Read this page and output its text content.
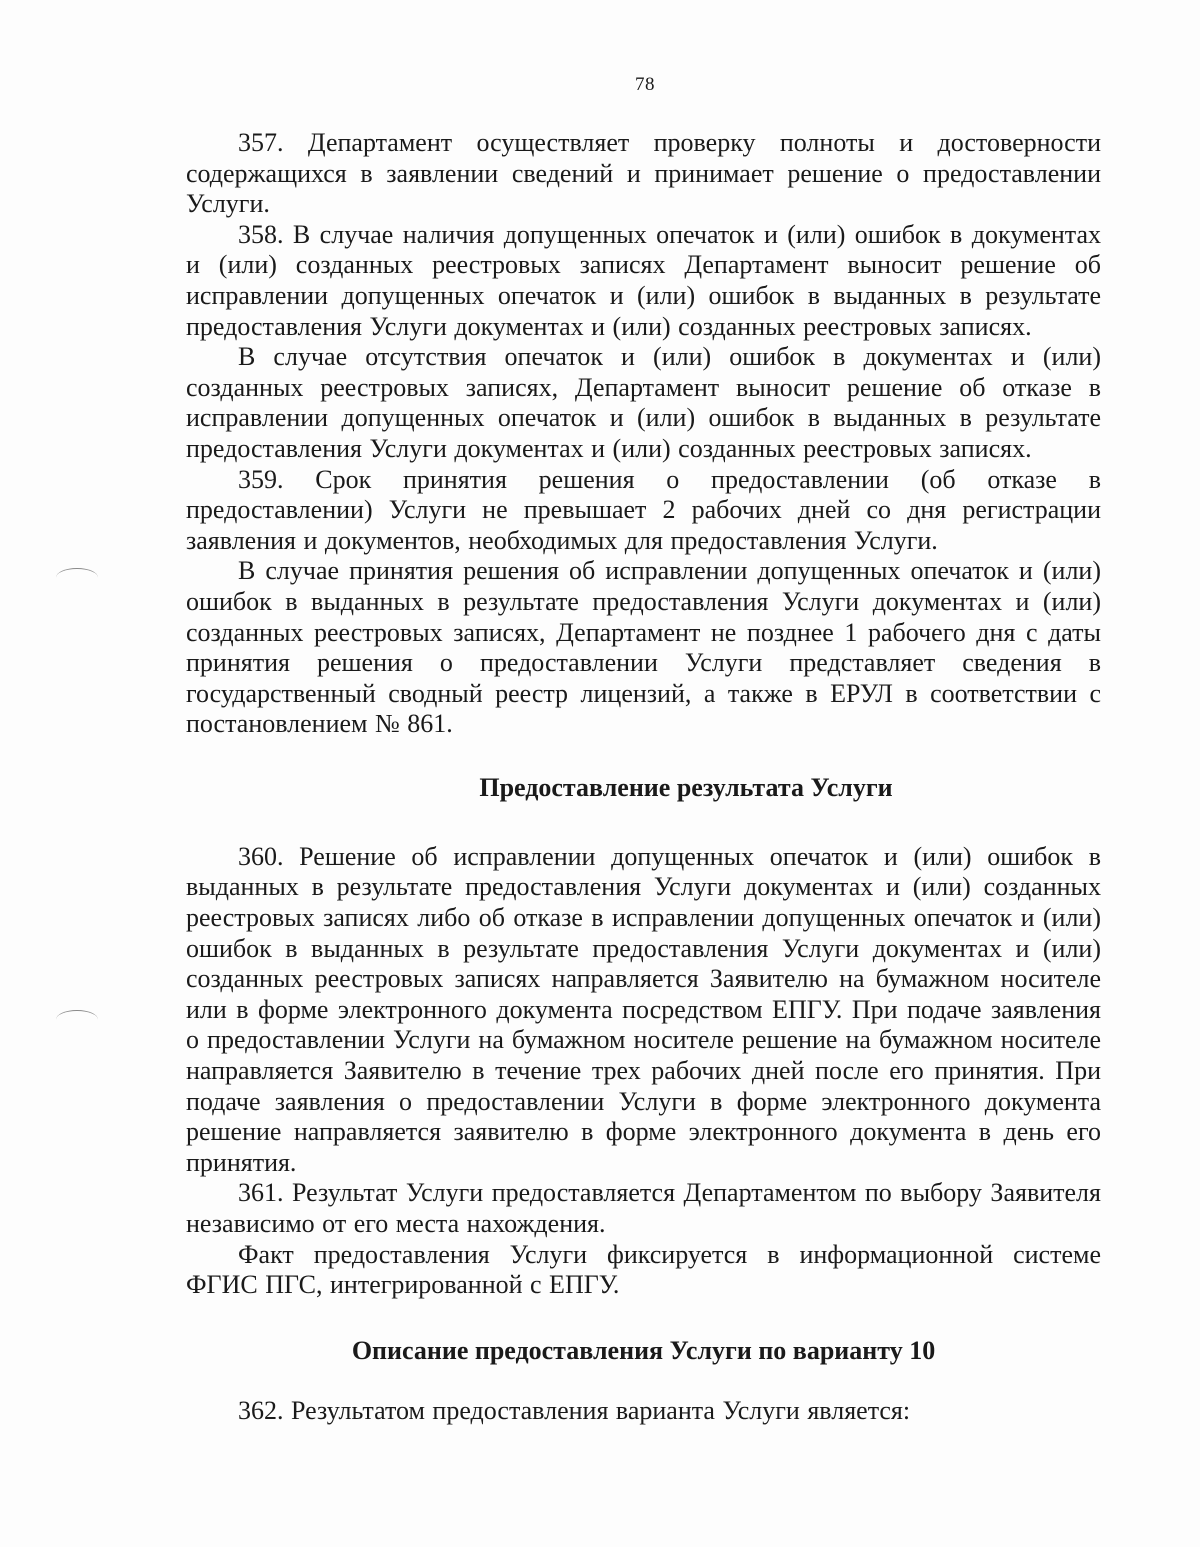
78

357. Департамент осуществляет проверку полноты и достоверности содержащихся в заявлении сведений и принимает решение о предоставлении Услуги.

358. В случае наличия допущенных опечаток и (или) ошибок в документах и (или) созданных реестровых записях Департамент выносит решение об исправлении допущенных опечаток и (или) ошибок в выданных в результате предоставления Услуги документах и (или) созданных реестровых записях.

В случае отсутствия опечаток и (или) ошибок в документах и (или) созданных реестровых записях, Департамент выносит решение об отказе в исправлении допущенных опечаток и (или) ошибок в выданных в результате предоставления Услуги документах и (или) созданных реестровых записях.

359. Срок принятия решения о предоставлении (об отказе в предоставлении) Услуги не превышает 2 рабочих дней со дня регистрации заявления и документов, необходимых для предоставления Услуги.

В случае принятия решения об исправлении допущенных опечаток и (или) ошибок в выданных в результате предоставления Услуги документах и (или) созданных реестровых записях, Департамент не позднее 1 рабочего дня с даты принятия решения о предоставлении Услуги представляет сведения в государственный сводный реестр лицензий, а также в ЕРУЛ в соответствии с постановлением № 861.

Предоставление результата Услуги

360. Решение об исправлении допущенных опечаток и (или) ошибок в выданных в результате предоставления Услуги документах и (или) созданных реестровых записях либо об отказе в исправлении допущенных опечаток и (или) ошибок в выданных в результате предоставления Услуги документах и (или) созданных реестровых записях направляется Заявителю на бумажном носителе или в форме электронного документа посредством ЕПГУ. При подаче заявления о предоставлении Услуги на бумажном носителе решение на бумажном носителе направляется Заявителю в течение трех рабочих дней после его принятия. При подаче заявления о предоставлении Услуги в форме электронного документа решение направляется заявителю в форме электронного документа в день его принятия.

361. Результат Услуги предоставляется Департаментом по выбору Заявителя независимо от его места нахождения.

Факт предоставления Услуги фиксируется в информационной системе ФГИС ПГС, интегрированной с ЕПГУ.

Описание предоставления Услуги по варианту 10

362. Результатом предоставления варианта Услуги является:
